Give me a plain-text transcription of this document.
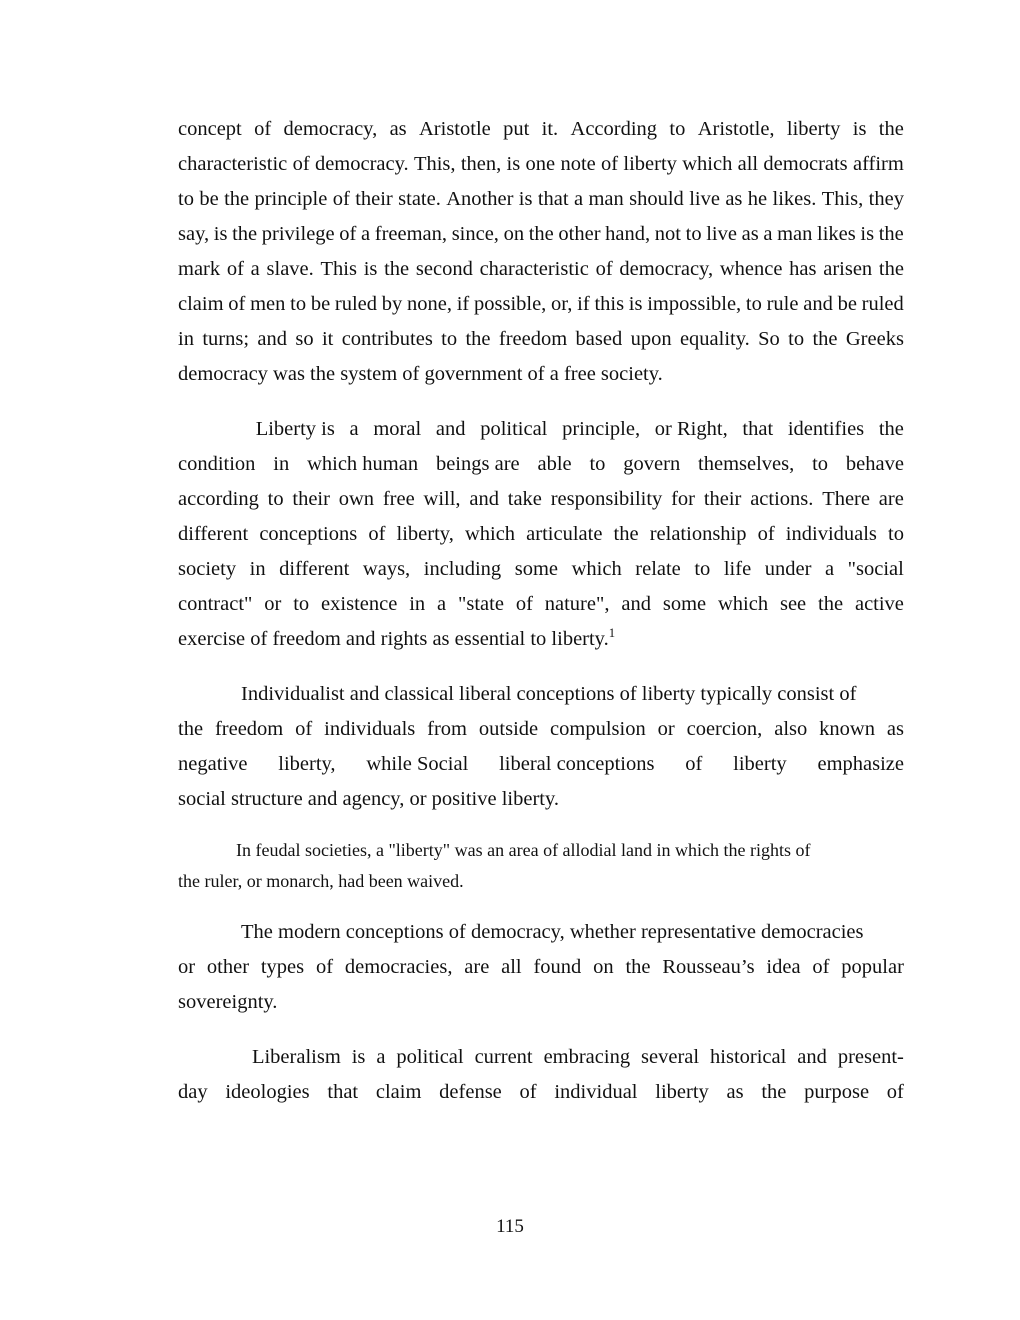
concept of democracy, as Aristotle put it. According to Aristotle, liberty is the
characteristic of democracy. This, then, is one note of liberty which all democrats affirm
to be the principle of their state. Another is that a man should live as he likes. This, they
say, is the privilege of a freeman, since, on the other hand, not to live as a man likes is the
mark of a slave. This is the second characteristic of democracy, whence has arisen the
claim of men to be ruled by none, if possible, or, if this is impossible, to rule and be ruled
in turns; and so it contributes to the freedom based upon equality. So to the Greeks
democracy was the system of government of a free society.
Liberty is a moral and political principle, or Right, that identifies the
condition in which human beings are able to govern themselves, to behave
according to their own free will, and take responsibility for their actions. There are
different conceptions of liberty, which articulate the relationship of individuals to
society in different ways, including some which relate to life under a "social
contract" or to existence in a "state of nature", and some which see the active
exercise of freedom and rights as essential to liberty.$^1$
Individualist and classical liberal conceptions of liberty typically consist of
the freedom of individuals from outside compulsion or coercion, also known as
negative liberty, while Social liberal conceptions of liberty emphasize
social structure and agency, or positive liberty.
In feudal societies, a "liberty" was an area of allodial land in which the rights of
the ruler, or monarch, had been waived.
The modern conceptions of democracy, whether representative democracies
or other types of democracies, are all found on the Rousseau’s idea of popular
sovereignty.
Liberalism is a political current embracing several historical and present-
day ideologies that claim defense of individual liberty as the purpose of
115
